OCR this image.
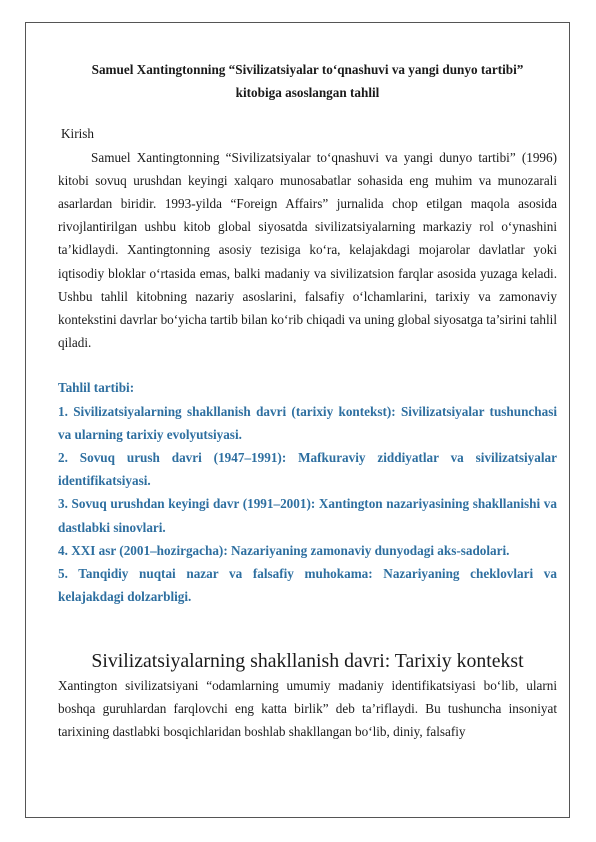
Samuel Xantingtonning “Sivilizatsiyalar to‘qnashuvi va yangi dunyo tartibi”
kitobiga asoslangan tahlil

Kirish

Samuel Xantingtonning “Sivilizatsiyalar to‘qnashuvi va yangi dunyo tartibi” (1996) kitobi sovuq urushdan keyingi xalqaro munosabatlar sohasida eng muhim va munozarali asarlardan biridir. 1993-yilda “Foreign Affairs” jurnalida chop etilgan maqola asosida rivojlantirilgan ushbu kitob global siyosatda sivilizatsiyalarning markaziy rol o‘ynashini ta’kidlaydi. Xantingtonning asosiy tezisiga ko‘ra, kelajakdagi mojarolar davlatlar yoki iqtisodiy bloklar o‘rtasida emas, balki madaniy va sivilizatsion farqlar asosida yuzaga keladi. Ushbu tahlil kitobning nazariy asoslarini, falsafiy o‘lchamlarini, tarixiy va zamonaviy kontekstini davrlar bo‘yicha tartib bilan ko‘rib chiqadi va uning global siyosatga ta’sirini tahlil qiladi.

Tahlil tartibi:

1. Sivilizatsiyalarning shakllanish davri (tarixiy kontekst): Sivilizatsiyalar tushunchasi va ularning tarixiy evolyutsiyasi.

2. Sovuq urush davri (1947–1991): Mafkuraviy ziddiyatlar va sivilizatsiyalar identifikatsiyasi.

3. Sovuq urushdan keyingi davr (1991–2001): Xantington nazariyasining shakllanishi va dastlabki sinovlari.

4. XXI asr (2001–hozirgacha): Nazariyaning zamonaviy dunyodagi aks-sadolari.

5. Tanqidiy nuqtai nazar va falsafiy muhokama: Nazariyaning cheklovlari va kelajakdagi dolzarbligi.

Sivilizatsiyalarning shakllanish davri: Tarixiy kontekst

Xantington sivilizatsiyani “odamlarning umumiy madaniy identifikatsiyasi bo‘lib, ularni boshqa guruhlardan farqlovchi eng katta birlik” deb ta’riflaydi. Bu tushuncha insoniyat tarixining dastlabki bosqichlaridan boshlab shakllangan bo‘lib, diniy, falsafiy
